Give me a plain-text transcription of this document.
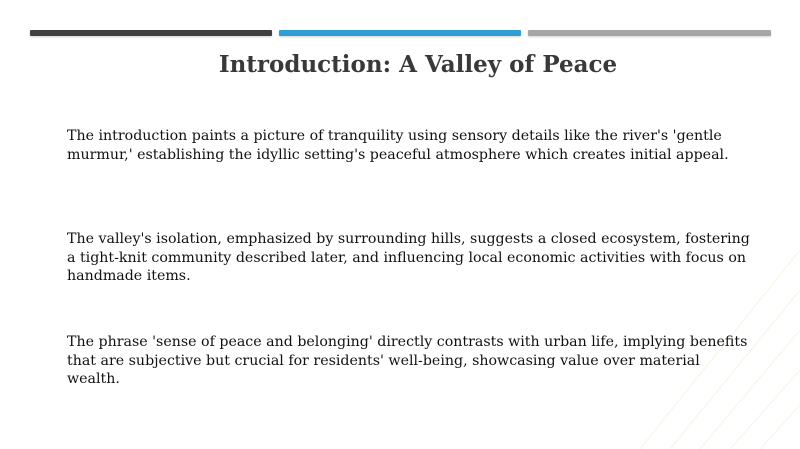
Introduction: A Valley of Peace

The introduction paints a picture of tranquility using sensory details like the river's 'gentle murmur,' establishing the idyllic setting's peaceful atmosphere which creates initial appeal.

The valley's isolation, emphasized by surrounding hills, suggests a closed ecosystem, fostering a tight-knit community described later, and influencing local economic activities with focus on handmade items.

The phrase 'sense of peace and belonging' directly contrasts with urban life, implying benefits that are subjective but crucial for residents' well-being, showcasing value over material wealth.
